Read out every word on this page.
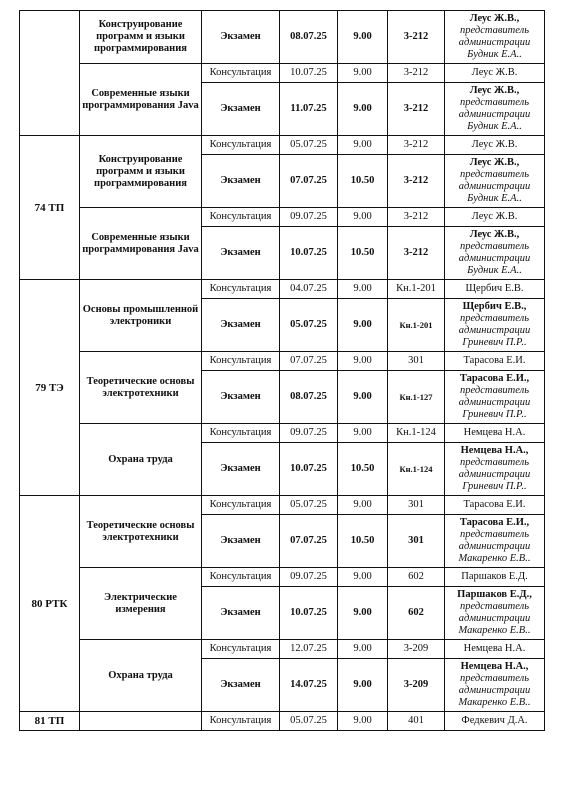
	Конструирование программ и языки программирования	Экзамен	08.07.25	9.00	3-212	Леус Ж.В.,
представитель
администрации
Будник Е.А..

	Современные языки программирования Java	Консультация	10.07.25	9.00	3-212	Леус Ж.В.
		Экзамен	11.07.25	9.00	3-212	Леус Ж.В.,
представитель
администрации
Будник Е.А..

74 ТП	Конструирование программ и языки программирования	Консультация	05.07.25	9.00	3-212	Леус Ж.В.
		Экзамен	07.07.25	10.50	3-212	Леус Ж.В.,
представитель
администрации
Будник Е.А..

	Современные языки программирования Java	Консультация	09.07.25	9.00	3-212	Леус Ж.В.
		Экзамен	10.07.25	10.50	3-212	Леус Ж.В.,
представитель
администрации
Будник Е.А..

79 ТЭ	Основы промышленной электроники	Консультация	04.07.25	9.00	Кн.1-201	Щербич Е.В.
		Экзамен	05.07.25	9.00	Кн.1-201	Щербич Е.В.,
представитель
администрации
Гриневич П.Р..

	Теоретические основы электротехники	Консультация	07.07.25	9.00	301	Тарасова Е.И.
		Экзамен	08.07.25	9.00	Кн.1-127	Тарасова Е.И.,
представитель
администрации
Гриневич П.Р..

	Охрана труда	Консультация	09.07.25	9.00	Кн.1-124	Немцева Н.А.
		Экзамен	10.07.25	10.50	Кн.1-124	Немцева Н.А.,
представитель
администрации
Гриневич П.Р..

80 РТК	Теоретические основы электротехники	Консультация	05.07.25	9.00	301	Тарасова Е.И.
		Экзамен	07.07.25	10.50	301	Тарасова Е.И.,
представитель
администрации
Макаренко Е.В..

	Электрические измерения	Консультация	09.07.25	9.00	602	Паршаков Е.Д.
		Экзамен	10.07.25	9.00	602	Паршаков Е.Д.,
представитель
администрации
Макаренко Е.В..

	Охрана труда	Консультация	12.07.25	9.00	3-209	Немцева Н.А.
		Экзамен	14.07.25	9.00	3-209	Немцева Н.А.,
представитель
администрации
Макаренко Е.В..

81 ТП		Консультация	05.07.25	9.00	401	Федкевич Д.А.
